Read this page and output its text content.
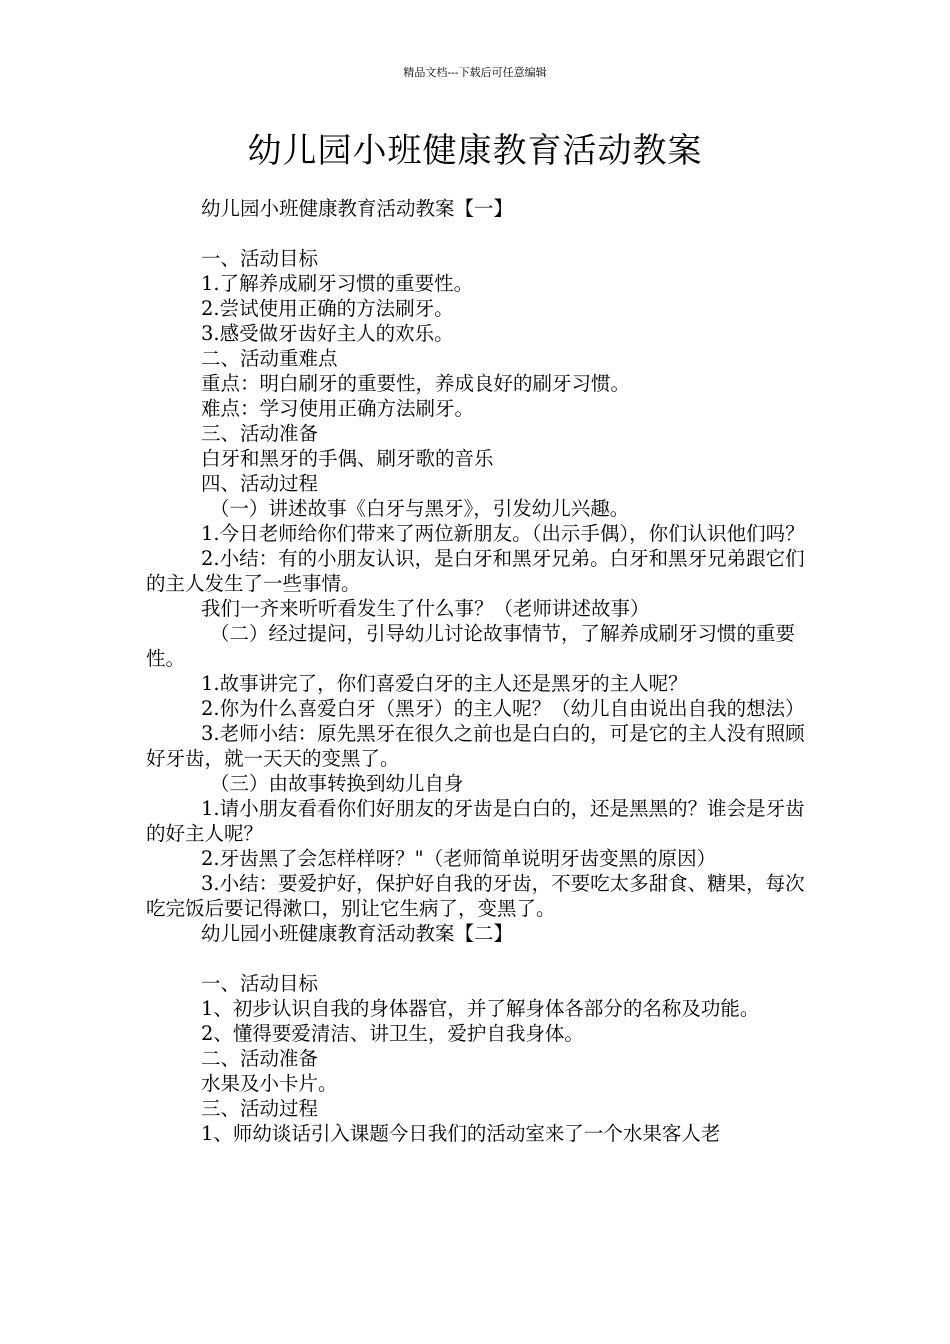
精品文档---下载后可任意编辑
幼儿园小班健康教育活动教案

幼儿园小班健康教育活动教案【一】

一、活动目标

1.了解养成刷牙习惯的重要性。

2.尝试使用正确的方法刷牙。

3.感受做牙齿好主人的欢乐。

二、活动重难点

重点：明白刷牙的重要性，养成良好的刷牙习惯。

难点：学习使用正确方法刷牙。

三、活动准备

白牙和黑牙的手偶、刷牙歌的音乐

四、活动过程

（一）讲述故事《白牙与黑牙》，引发幼儿兴趣。

1.今日老师给你们带来了两位新朋友。（出示手偶），你们认识他们吗？

2.小结：有的小朋友认识，是白牙和黑牙兄弟。白牙和黑牙兄弟跟它们的主人发生了一些事情。

我们一齐来听听看发生了什么事？（老师讲述故事）

（二）经过提问，引导幼儿讨论故事情节，了解养成刷牙习惯的重要性。

1.故事讲完了，你们喜爱白牙的主人还是黑牙的主人呢？

2.你为什么喜爱白牙（黑牙）的主人呢？（幼儿自由说出自我的想法）

3.老师小结：原先黑牙在很久之前也是白白的，可是它的主人没有照顾好牙齿，就一天天的变黑了。

（三）由故事转换到幼儿自身

1.请小朋友看看你们好朋友的牙齿是白白的，还是黑黑的？谁会是牙齿的好主人呢？

2.牙齿黑了会怎样样呀？"（老师简单说明牙齿变黑的原因）

3.小结：要爱护好，保护好自我的牙齿，不要吃太多甜食、糖果，每次吃完饭后要记得漱口，别让它生病了，变黑了。

幼儿园小班健康教育活动教案【二】

一、活动目标

1、初步认识自我的身体器官，并了解身体各部分的名称及功能。

2、懂得要爱清洁、讲卫生，爱护自我身体。

二、活动准备

水果及小卡片。

三、活动过程

1、师幼谈话引入课题今日我们的活动室来了一个水果客人老
